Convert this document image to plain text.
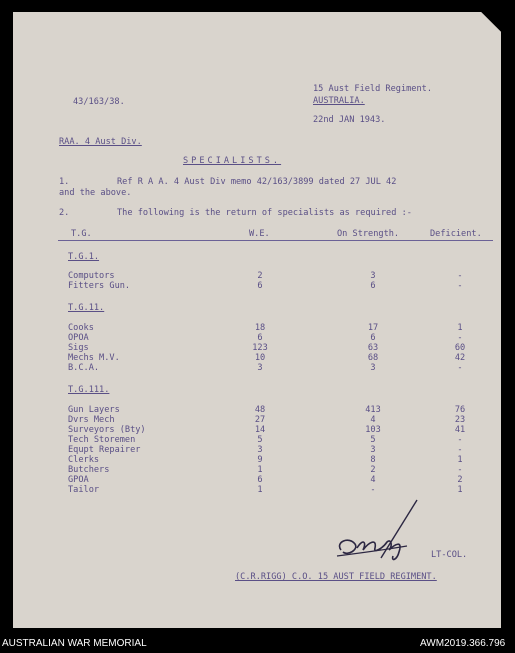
43/163/38.
15 Aust Field Regiment.
AUSTRALIA.
22nd JAN 1943.
RAA. 4 Aust Div.
SPECIALISTS.
1.	Ref R A A. 4 Aust Div memo 42/163/3899 dated 27 JUL 42
and the above.
2.	The following is the return of specialists as required :-
T.G.	W.E.	On Strength.	Deficient.
T.G.1.
Computors	2	3	-
Fitters Gun.	6	6	-
T.G.11.
Cooks	18	17	1
OPOA	6	6	-
Sigs	123	63	60
Mechs M.V.	10	68	42
B.C.A.	3	3	-
T.G.111.
Gun Layers	48	413	76
Dvrs Mech	27	4	23
Surveyors (Bty)	14	103	41
Tech Storemen	5	5	-
Equpt Repairer	3	3	-
Clerks	9	8	1
Butchers	1	2	-
GPOA	6	4	2
Tailor	1	-	1
LT-COL.
(C.R.RIGG) C.O. 15 AUST FIELD REGIMENT.
AUSTRALIAN WAR MEMORIAL	AWM2019.366.796
